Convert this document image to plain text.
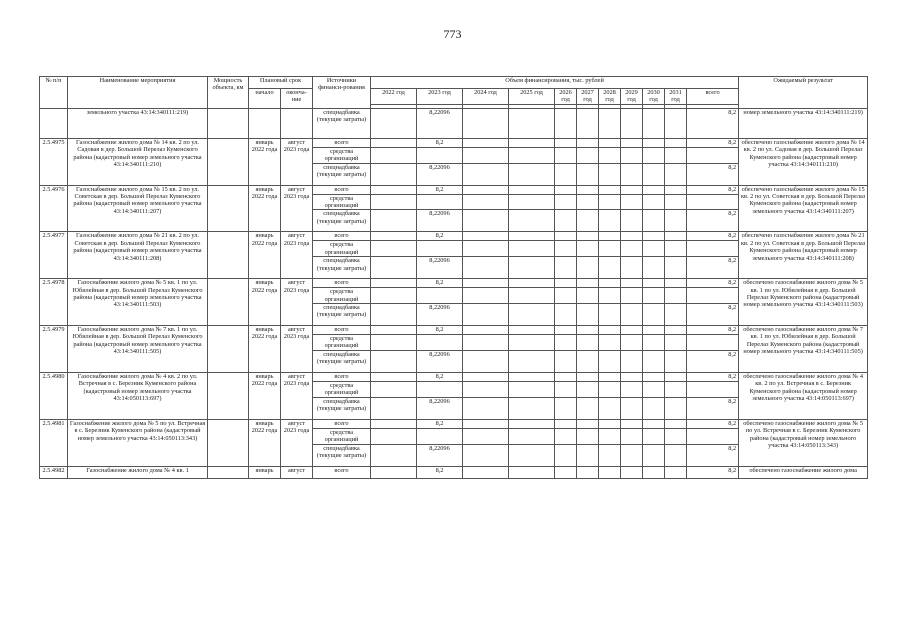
773
№ п/п	Наименование мероприятия	Мощность объекта, км	Плановый срок		Источники финанси-рования	Объем финансирования, тыс. рублей											Ожидаемый результат
			начало	оконча-ние		2022 год	2023 год	2024 год	2025 год	2026 год	2027 год	2028 год	2029 год	2030 год	2031 год	всего	

	земельного участка 43:14:340111:219)				спецнадбавка (текущие затраты)		8,22096									8,2	номер земельного участка 43:14:340111:219)
2.5.4975	Газоснабжение жилого дома № 14 кв. 2 по ул. Садовая в дер. Большой Перелаз Куменского района (кадастровый номер земельного участка 43:14:340111:210)		январь 2022 года	август 2023 года	всего		8,2									8,2	обеспечено газоснабжение жилого дома № 14 кв. 2 по ул. Садовая в дер. Большой Перелаз Куменского района (кадастровый номер участка 43:14:340111:210)
					средства организаций												
					спецнадбавка (текущие затраты)		8,22096									8,2	
2.5.4976	Газоснабжение жилого дома № 15 кв. 2 по ул. Советская в дер. Большой Перелаз Куменского района (кадастровый номер земельного участка 43:14:340111:207)		январь 2022 года	август 2023 года	всего		8,2									8,2	обеспечено газоснабжение жилого дома № 15 кв. 2 по ул. Советская в дер. Большой Перелаз Куменского района (кадастровый номер земельного участка 43:14:340111:207)
					средства организаций												
					спецнадбавка (текущие затраты)		8,22096									8,2	
2.5.4977	Газоснабжение жилого дома № 21 кв. 2 по ул. Советская в дер. Большой Перелаз Куменского района (кадастровый номер земельного участка 43:14:340111:208)		январь 2022 года	август 2023 года	всего		8,2									8,2	обеспечено газоснабжение жилого дома № 21 кв. 2 по ул. Советская в дер. Большой Перелаз Куменского района (кадастровый номер земельного участка 43:14:340111:208)
					средства организаций												
					спецнадбавка (текущие затраты)		8,22096									8,2	
2.5.4978	Газоснабжение жилого дома № 5 кв. 1 по ул. Юбилейная в дер. Большой Перелаз Куменского района (кадастровый номер земельного участка 43:14:340111:503)		январь 2022 года	август 2023 года	всего		8,2									8,2	обеспечено газоснабжение жилого дома № 5 кв. 1 по ул. Юбилейная в дер. Большой Перелаз Куменского района (кадастровый номер земельного участка 43:14:340111:503)
					средства организаций												
					спецнадбавка (текущие затраты)		8,22096									8,2	
2.5.4979	Газоснабжение жилого дома № 7 кв. 1 по ул. Юбилейная в дер. Большой Перелаз Куменского района (кадастровый номер земельного участка 43:14:340111:505)		январь 2022 года	август 2023 года	всего		8,2									8,2	обеспечено газоснабжение жилого дома № 7 кв. 1 по ул. Юбилейная в дер. Большой Перелаз Куменского района (кадастровый номер земельного участка 43:14:340111:505)
					средства организаций												
					спецнадбавка (текущие затраты)		8,22096									8,2	
2.5.4980	Газоснабжение жилого дома № 4 кв. 2 по ул. Встречная в с. Березник Куменского района (кадастровый номер земельного участка 43:14:050113:697)		январь 2022 года	август 2023 года	всего		8,2									8,2	обеспечено газоснабжение жилого дома № 4 кв. 2 по ул. Встречная в с. Березник Куменского района (кадастровый номер земельного участка 43:14:050113:697)
					средства организаций												
					спецнадбавка (текущие затраты)		8,22096									8,2	
2.5.4981	Газоснабжение жилого дома № 5 по ул. Встречная в с. Березник Куменского района (кадастровый номер земельного участка 43:14:050113:343)		январь 2022 года	август 2023 года	всего		8,2									8,2	обеспечено газоснабжение жилого дома № 5 по ул. Встречная в с. Березник Куменского района (кадастровый номер земельного участка 43:14:050113:343)
					средства организаций												
					спецнадбавка (текущие затраты)		8,22096									8,2	
2.5.4982	Газоснабжение жилого дома № 4 кв. 1		январь	август	всего		8,2									8,2	обеспечено газоснабжение жилого дома
